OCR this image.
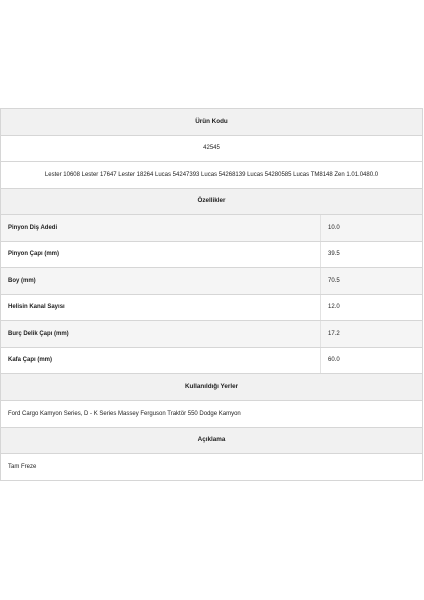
Ürün Kodu
42545
Lester 10608 Lester 17647 Lester 18264 Lucas 54247393 Lucas 54268139 Lucas 54280585 Lucas TM8148 Zen 1.01.0480.0
Özellikler
Pinyon Diş Adedi	10.0
Pinyon Çapı (mm)	39.5
Boy (mm)	70.5
Helisin Kanal Sayısı	12.0
Burç Delik Çapı (mm)	17.2
Kafa Çapı (mm)	60.0
Kullanıldığı Yerler
Ford Cargo Kamyon Series, D - K Series Massey Ferguson Traktör 550 Dodge Kamyon
Açıklama
Tam Freze
